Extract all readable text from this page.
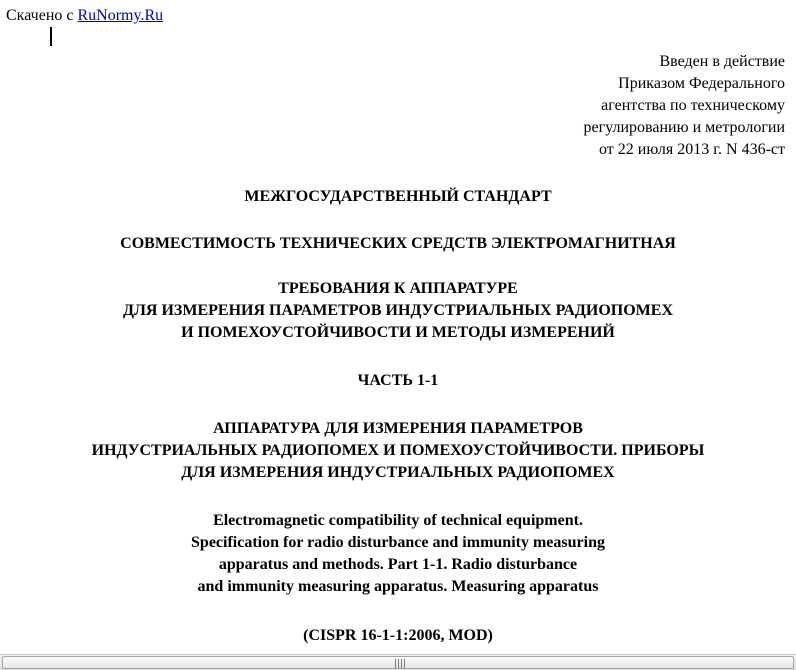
Скачено с RuNormy.Ru
Введен в действие
Приказом Федерального
агентства по техническому
регулированию и метрологии
от 22 июля 2013 г. N 436-ст
МЕЖГОСУДАРСТВЕННЫЙ СТАНДАРТ
СОВМЕСТИМОСТЬ ТЕХНИЧЕСКИХ СРЕДСТВ ЭЛЕКТРОМАГНИТНАЯ
ТРЕБОВАНИЯ К АППАРАТУРЕ
ДЛЯ ИЗМЕРЕНИЯ ПАРАМЕТРОВ ИНДУСТРИАЛЬНЫХ РАДИОПОМЕХ
И ПОМЕХОУСТОЙЧИВОСТИ И МЕТОДЫ ИЗМЕРЕНИЙ
ЧАСТЬ 1-1
АППАРАТУРА ДЛЯ ИЗМЕРЕНИЯ ПАРАМЕТРОВ
ИНДУСТРИАЛЬНЫХ РАДИОПОМЕХ И ПОМЕХОУСТОЙЧИВОСТИ. ПРИБОРЫ
ДЛЯ ИЗМЕРЕНИЯ ИНДУСТРИАЛЬНЫХ РАДИОПОМЕХ
Electromagnetic compatibility of technical equipment.
Specification for radio disturbance and immunity measuring
apparatus and methods. Part 1-1. Radio disturbance
and immunity measuring apparatus. Measuring apparatus
(CISPR 16-1-1:2006, MOD)
